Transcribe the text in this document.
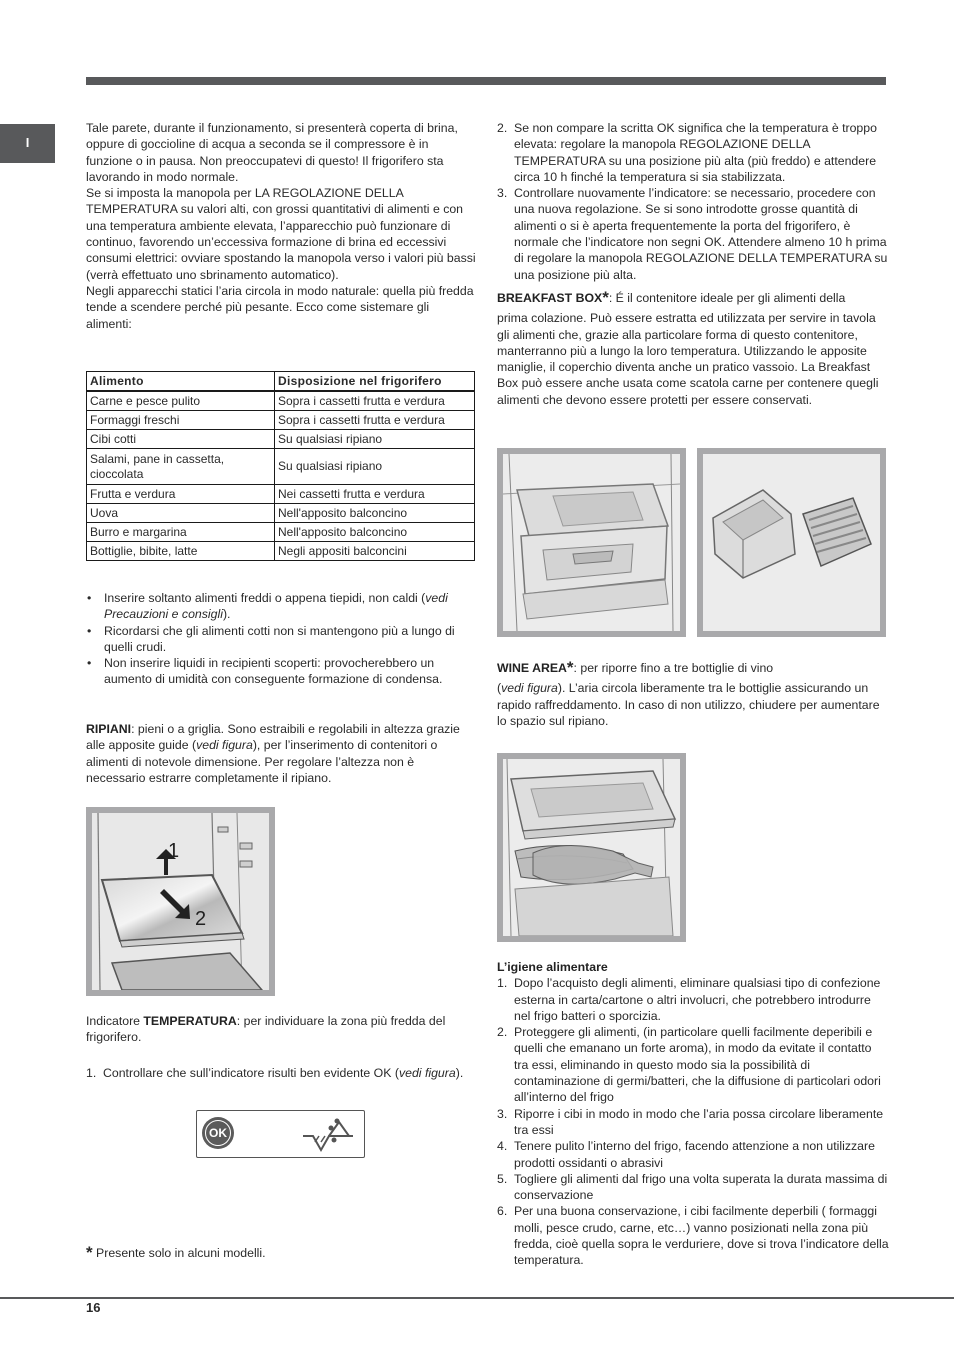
I
16

Tale parete, durante il funzionamento, si presenterà coperta di brina, oppure di goccioline di acqua a seconda se il compressore è in funzione o in pausa. Non preoccupatevi di questo! Il frigorifero sta lavorando in modo normale.

Se si imposta la manopola per LA REGOLAZIONE DELLA TEMPERATURA su valori alti, con grossi quantitativi di alimenti e con una temperatura ambiente elevata, l’apparecchio può funzionare di continuo, favorendo un’eccessiva formazione di brina ed eccessivi consumi elettrici: ovviare spostando la manopola verso i valori più bassi (verrà effettuato uno sbrinamento automatico).

Negli apparecchi statici l’aria circola in modo naturale: quella più fredda tende a scendere perché più pesante. Ecco come sistemare gli alimenti:

Alimento	Disposizione nel frigorifero
Carne e pesce pulito	Sopra i cassetti frutta e verdura
Formaggi freschi	Sopra i cassetti frutta e verdura
Cibi cotti	Su qualsiasi ripiano
Salami, pane in cassetta, cioccolata	Su qualsiasi ripiano
Frutta e verdura	Nei cassetti frutta e verdura
Uova	Nell'apposito balconcino
Burro e margarina	Nell'apposito balconcino
Bottiglie, bibite, latte	Negli appositi balconcini
• Inserire soltanto alimenti freddi o appena tiepidi, non caldi (vedi Precauzioni e consigli).
• Ricordarsi che gli alimenti cotti non si mantengono più a lungo di quelli crudi.
• Non inserire liquidi in recipienti scoperti: provocherebbero un aumento di umidità con conseguente formazione di condensa.

RIPIANI: pieni o a griglia. Sono estraibili e regolabili in altezza grazie alle apposite guide (vedi figura), per l’inserimento di contenitori o alimenti di notevole dimensione. Per regolare l’altezza non è necessario estrarre completamente il ripiano.

1
2

Indicatore TEMPERATURA: per individuare la zona più fredda del frigorifero.

1. Controllare che sull’indicatore risulti ben evidente OK (vedi figura).
OK
* Presente solo in alcuni modelli.
2. Se non compare la scritta OK significa che la temperatura è troppo elevata: regolare la manopola REGOLAZIONE DELLA TEMPERATURA su una posizione più alta (più freddo) e attendere circa 10 h finché la temperatura si sia stabilizzata.
3. Controllare nuovamente l’indicatore: se necessario, procedere con una nuova regolazione. Se si sono introdotte grosse quantità di alimenti o si è aperta frequentemente la porta del frigorifero, è normale che l’indicatore non segni OK. Attendere almeno 10 h prima di regolare la manopola REGOLAZIONE DELLA TEMPERATURA su una posizione più alta.

BREAKFAST BOX*: É il contenitore ideale per gli alimenti della

prima colazione. Può essere estratta ed utilizzata per servire in tavola gli alimenti che, grazie alla particolare forma di questo contenitore, manterranno più a lungo la loro temperatura. Utilizzando le apposite maniglie, il coperchio diventa anche un pratico vassoio. La Breakfast Box può essere anche usata come scatola carne per contenere quegli alimenti che devono essere protetti per essere conservati.

WINE AREA*: per riporre fino a tre bottiglie di vino

(vedi figura). L’aria circola liberamente tra le bottiglie assicurando un rapido raffreddamento. In caso di non utilizzo, chiudere per aumentare lo spazio sul ripiano.

L’igiene alimentare

1. Dopo l’acquisto degli alimenti, eliminare qualsiasi tipo di confezione esterna in carta/cartone o altri involucri, che potrebbero introdurre nel frigo batteri o sporcizia.
2. Proteggere gli alimenti, (in particolare quelli facilmente deperibili e quelli che emanano un forte aroma), in modo da evitate il contatto tra essi, eliminando in questo modo sia la possibilità di contaminazione di germi/batteri, che la diffusione di particolari odori all’interno del frigo
3. Riporre i cibi in modo in modo che l’aria possa circolare liberamente tra essi
4. Tenere pulito l’interno del frigo, facendo attenzione a non utilizzare prodotti ossidanti o abrasivi
5. Togliere gli alimenti dal frigo una volta superata la durata massima di conservazione
6. Per una buona conservazione, i cibi facilmente deperbili ( formaggi molli, pesce crudo, carne, etc…) vanno posizionati nella zona più fredda, cioè quella sopra le verduriere, dove si trova l’indicatore della temperatura.
